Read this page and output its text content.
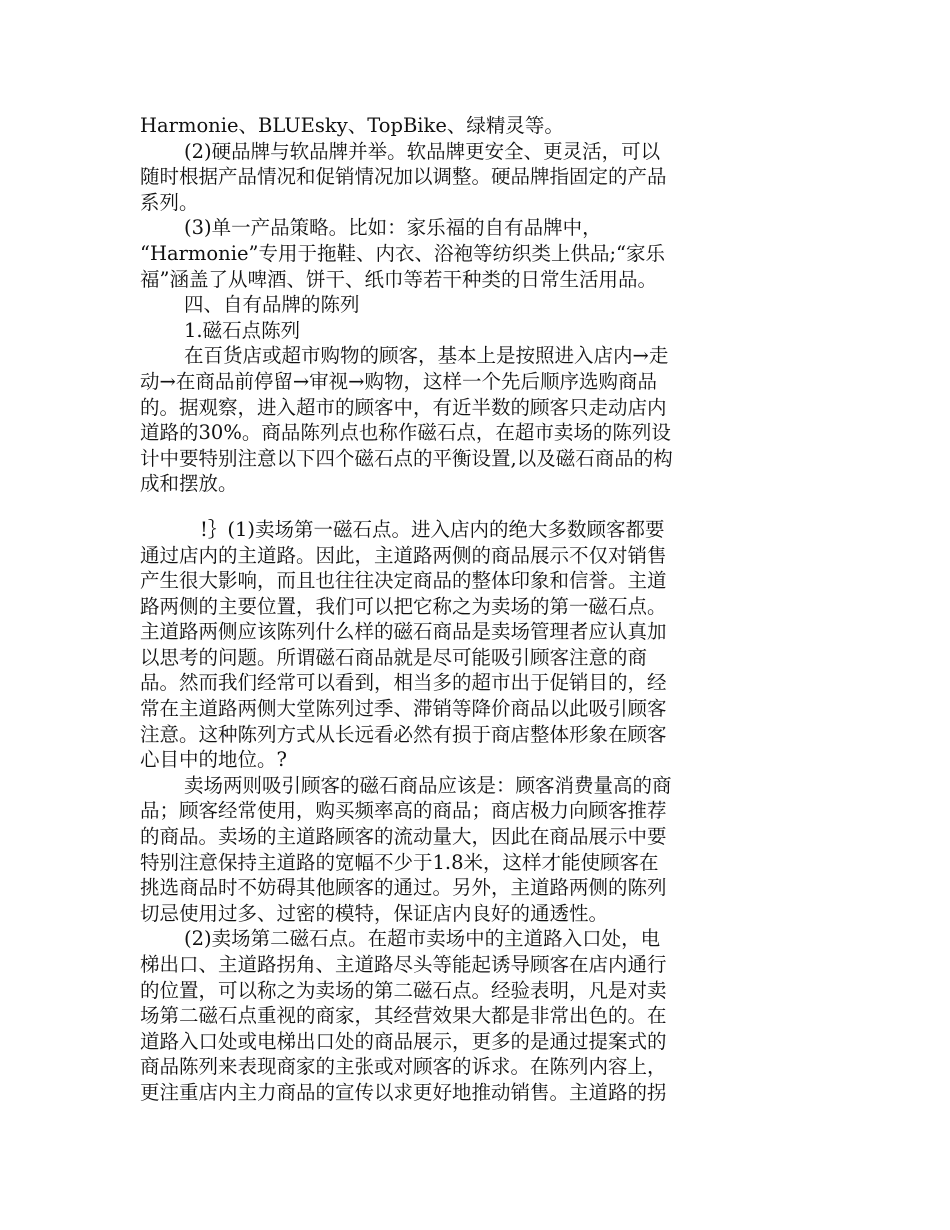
Harmonie、BLUEsky、TopBike、绿精灵等。
(2)硬品牌与软品牌并举。软品牌更安全、更灵活，可以
随时根据产品情况和促销情况加以调整。硬品牌指固定的产品
系列。
(3)单一产品策略。比如：家乐福的自有品牌中，
“Harmonie”专用于拖鞋、内衣、浴袍等纺织类上供品;“家乐
福”涵盖了从啤酒、饼干、纸巾等若干种类的日常生活用品。
四、自有品牌的陈列
1.磁石点陈列
在百货店或超市购物的顾客，基本上是按照进入店内→走
动→在商品前停留→审视→购物，这样一个先后顺序选购商品
的。据观察，进入超市的顾客中，有近半数的顾客只走动店内
道路的30%。商品陈列点也称作磁石点，在超市卖场的陈列设
计中要特别注意以下四个磁石点的平衡设置,以及磁石商品的构
成和摆放。
!｝(1)卖场第一磁石点。进入店内的绝大多数顾客都要
通过店内的主道路。因此，主道路两侧的商品展示不仅对销售
产生很大影响，而且也往往决定商品的整体印象和信誉。主道
路两侧的主要位置，我们可以把它称之为卖场的第一磁石点。
主道路两侧应该陈列什么样的磁石商品是卖场管理者应认真加
以思考的问题。所谓磁石商品就是尽可能吸引顾客注意的商
品。然而我们经常可以看到，相当多的超市出于促销目的，经
常在主道路两侧大堂陈列过季、滞销等降价商品以此吸引顾客
注意。这种陈列方式从长远看必然有损于商店整体形象在顾客
心目中的地位。?
卖场两则吸引顾客的磁石商品应该是：顾客消费量高的商
品；顾客经常使用，购买频率高的商品；商店极力向顾客推荐
的商品。卖场的主道路顾客的流动量大，因此在商品展示中要
特别注意保持主道路的宽幅不少于1.8米，这样才能使顾客在
挑选商品时不妨碍其他顾客的通过。另外，主道路两侧的陈列
切忌使用过多、过密的模特，保证店内良好的通透性。
(2)卖场第二磁石点。在超市卖场中的主道路入口处，电
梯出口、主道路拐角、主道路尽头等能起诱导顾客在店内通行
的位置，可以称之为卖场的第二磁石点。经验表明，凡是对卖
场第二磁石点重视的商家，其经营效果大都是非常出色的。在
道路入口处或电梯出口处的商品展示，更多的是通过提案式的
商品陈列来表现商家的主张或对顾客的诉求。在陈列内容上，
更注重店内主力商品的宣传以求更好地推动销售。主道路的拐
